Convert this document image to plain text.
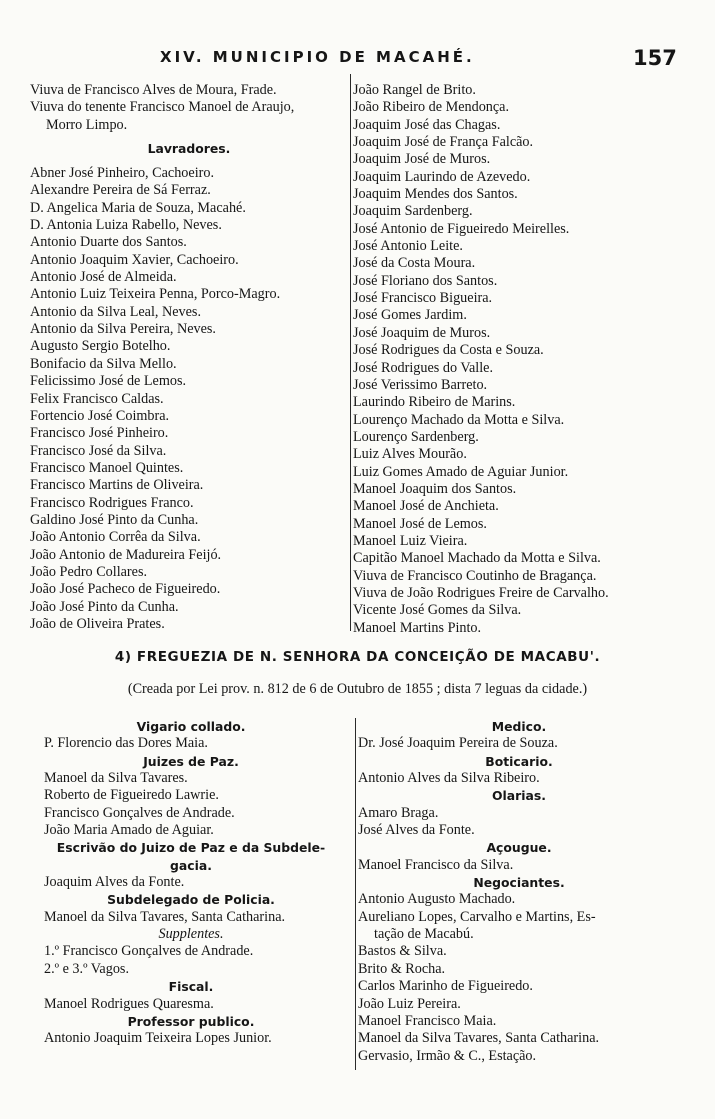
XIV. MUNICIPIO DE MACAHÉ.	157
Viuva de Francisco Alves de Moura, Frade.
Viuva do tenente Francisco Manoel de Araujo,
Morro Limpo.
Lavradores.
Abner José Pinheiro, Cachoeiro.
Alexandre Pereira de Sá Ferraz.
D. Angelica Maria de Souza, Macahé.
D. Antonia Luiza Rabello, Neves.
Antonio Duarte dos Santos.
Antonio Joaquim Xavier, Cachoeiro.
Antonio José de Almeida.
Antonio Luiz Teixeira Penna, Porco-Magro.
Antonio da Silva Leal, Neves.
Antonio da Silva Pereira, Neves.
Augusto Sergio Botelho.
Bonifacio da Silva Mello.
Felicissimo José de Lemos.
Felix Francisco Caldas.
Fortencio José Coimbra.
Francisco José Pinheiro.
Francisco José da Silva.
Francisco Manoel Quintes.
Francisco Martins de Oliveira.
Francisco Rodrigues Franco.
Galdino José Pinto da Cunha.
João Antonio Corrêa da Silva.
João Antonio de Madureira Feijó.
João Pedro Collares.
João José Pacheco de Figueiredo.
João José Pinto da Cunha.
João de Oliveira Prates.
João Rangel de Brito.
João Ribeiro de Mendonça.
Joaquim José das Chagas.
Joaquim José de França Falcão.
Joaquim José de Muros.
Joaquim Laurindo de Azevedo.
Joaquim Mendes dos Santos.
Joaquim Sardenberg.
José Antonio de Figueiredo Meirelles.
José Antonio Leite.
José da Costa Moura.
José Floriano dos Santos.
José Francisco Bigueira.
José Gomes Jardim.
José Joaquim de Muros.
José Rodrigues da Costa e Souza.
José Rodrigues do Valle.
José Verissimo Barreto.
Laurindo Ribeiro de Marins.
Lourenço Machado da Motta e Silva.
Lourenço Sardenberg.
Luiz Alves Mourão.
Luiz Gomes Amado de Aguiar Junior.
Manoel Joaquim dos Santos.
Manoel José de Anchieta.
Manoel José de Lemos.
Manoel Luiz Vieira.
Capitão Manoel Machado da Motta e Silva.
Viuva de Francisco Coutinho de Bragança.
Viuva de João Rodrigues Freire de Carvalho.
Vicente José Gomes da Silva.
Manoel Martins Pinto.
4) FREGUEZIA DE N. SENHORA DA CONCEIÇÃO DE MACABU'.
(Creada por Lei prov. n. 812 de 6 de Outubro de 1855 ; dista 7 leguas da cidade.)
Vigario collado.
P. Florencio das Dores Maia.
Juizes de Paz.
Manoel da Silva Tavares.
Roberto de Figueiredo Lawrie.
Francisco Gonçalves de Andrade.
João Maria Amado de Aguiar.
Escrivão do Juizo de Paz e da Subdele-
gacia.
Joaquim Alves da Fonte.
Subdelegado de Policia.
Manoel da Silva Tavares, Santa Catharina.
Supplentes.
1.º Francisco Gonçalves de Andrade.
2.º e 3.º Vagos.
Fiscal.
Manoel Rodrigues Quaresma.
Professor publico.
Antonio Joaquim Teixeira Lopes Junior.
Medico.
Dr. José Joaquim Pereira de Souza.
Boticario.
Antonio Alves da Silva Ribeiro.
Olarias.
Amaro Braga.
José Alves da Fonte.
Açougue.
Manoel Francisco da Silva.
Negociantes.
Antonio Augusto Machado.
Aureliano Lopes, Carvalho e Martins, Es-
tação de Macabú.
Bastos & Silva.
Brito & Rocha.
Carlos Marinho de Figueiredo.
João Luiz Pereira.
Manoel Francisco Maia.
Manoel da Silva Tavares, Santa Catharina.
Gervasio, Irmão & C., Estação.
